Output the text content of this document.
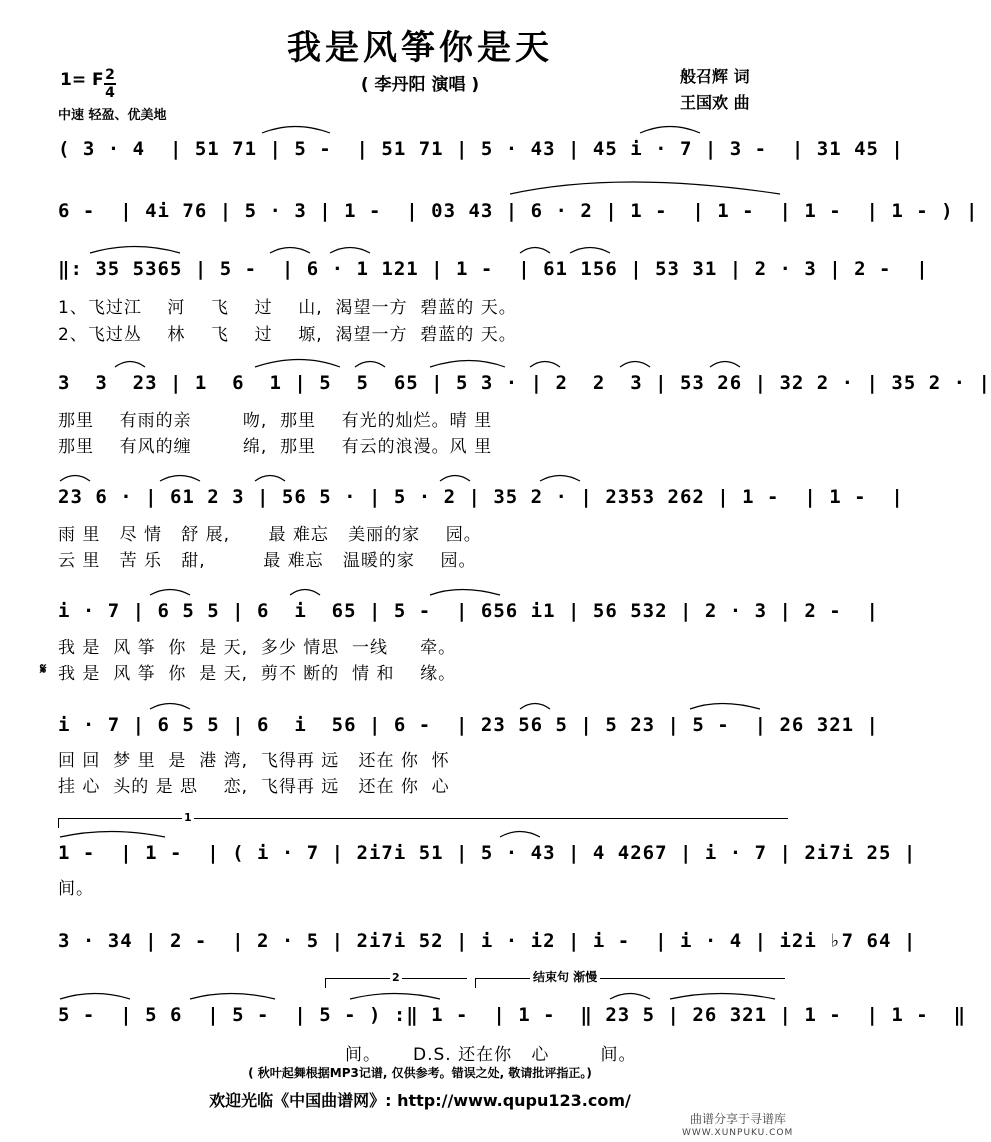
我是风筝你是天
( 李丹阳 演唱 )	般召辉 词
王国欢 曲
1= F 2
4
中速 轻盈、优美地
( 3 · 4  | 51 71 | 5 -  | 51 71 | 5 · 43 | 45 i · 7 | 3 -  | 31 45 |
6 -  | 4i 76 | 5 · 3 | 1 -  | 03 43 | 6 · 2 | 1 -  | 1 -  | 1 -  | 1 - ) |
‖: 35 5365 | 5 -  | 6 · 1 121 | 1 -  | 61 156 | 53 31 | 2 · 3 | 2 -  |
1、飞过江    河    飞    过    山,  渴望一方  碧蓝的 天。
2、飞过丛    林    飞    过    塬,  渴望一方  碧蓝的 天。
3  3  23 | 1  6  1 | 5  5  65 | 5 3 · | 2  2  3 | 53 26 | 32 2 · | 35 2 · |
那里    有雨的亲        吻,  那里    有光的灿烂。晴 里
那里    有风的缠        绵,  那里    有云的浪漫。风 里
23 6 · | 61 2 3 | 56 5 · | 5 · 2 | 35 2 · | 2353 262 | 1 -  | 1 -  |
雨 里   尽 情   舒 展,      最 难忘   美丽的家    园。
云 里   苦 乐   甜,         最 难忘   温暖的家    园。
i · 7 | 6 5 5 | 6  i  65 | 5 -  | 656 i1 | 56 532 | 2 · 3 | 2 -  |
我 是  风 筝  你  是 天,  多少 情思  一线     牵。
𝄋 我 是  风 筝  你  是 天,  剪不 断的  情 和    缘。
i · 7 | 6 5 5 | 6  i  56 | 6 -  | 23 56 5 | 5 23 | 5 -  | 26 321 |
回 回  梦 里  是  港 湾,  飞得再 远   还在 你  怀
挂 心  头的 是 思    恋,  飞得再 远   还在 你  心
1
1 -  | 1 -  | ( i · 7 | 2i7i 51 | 5 · 43 | 4 4267 | i · 7 | 2i7i 25 |
间。
3 · 34 | 2 -  | 2 · 5 | 2i7i 52 | i · i2 | i -  | i · 4 | i2i ♭7 64 |
2	结束句 渐慢
5 -  | 5 6  | 5 -  | 5 - ) :‖ 1 -  | 1 -  ‖ 23 5 | 26 321 | 1 -  | 1 -  ‖
间。     D.S. 还在你   心        间。
( 秋叶起舞根据MP3记谱, 仅供参考。错误之处, 敬请批评指正。)
欢迎光临《中国曲谱网》: http://www.qupu123.com/
曲谱分享于寻谱库
WWW.XUNPUKU.COM
